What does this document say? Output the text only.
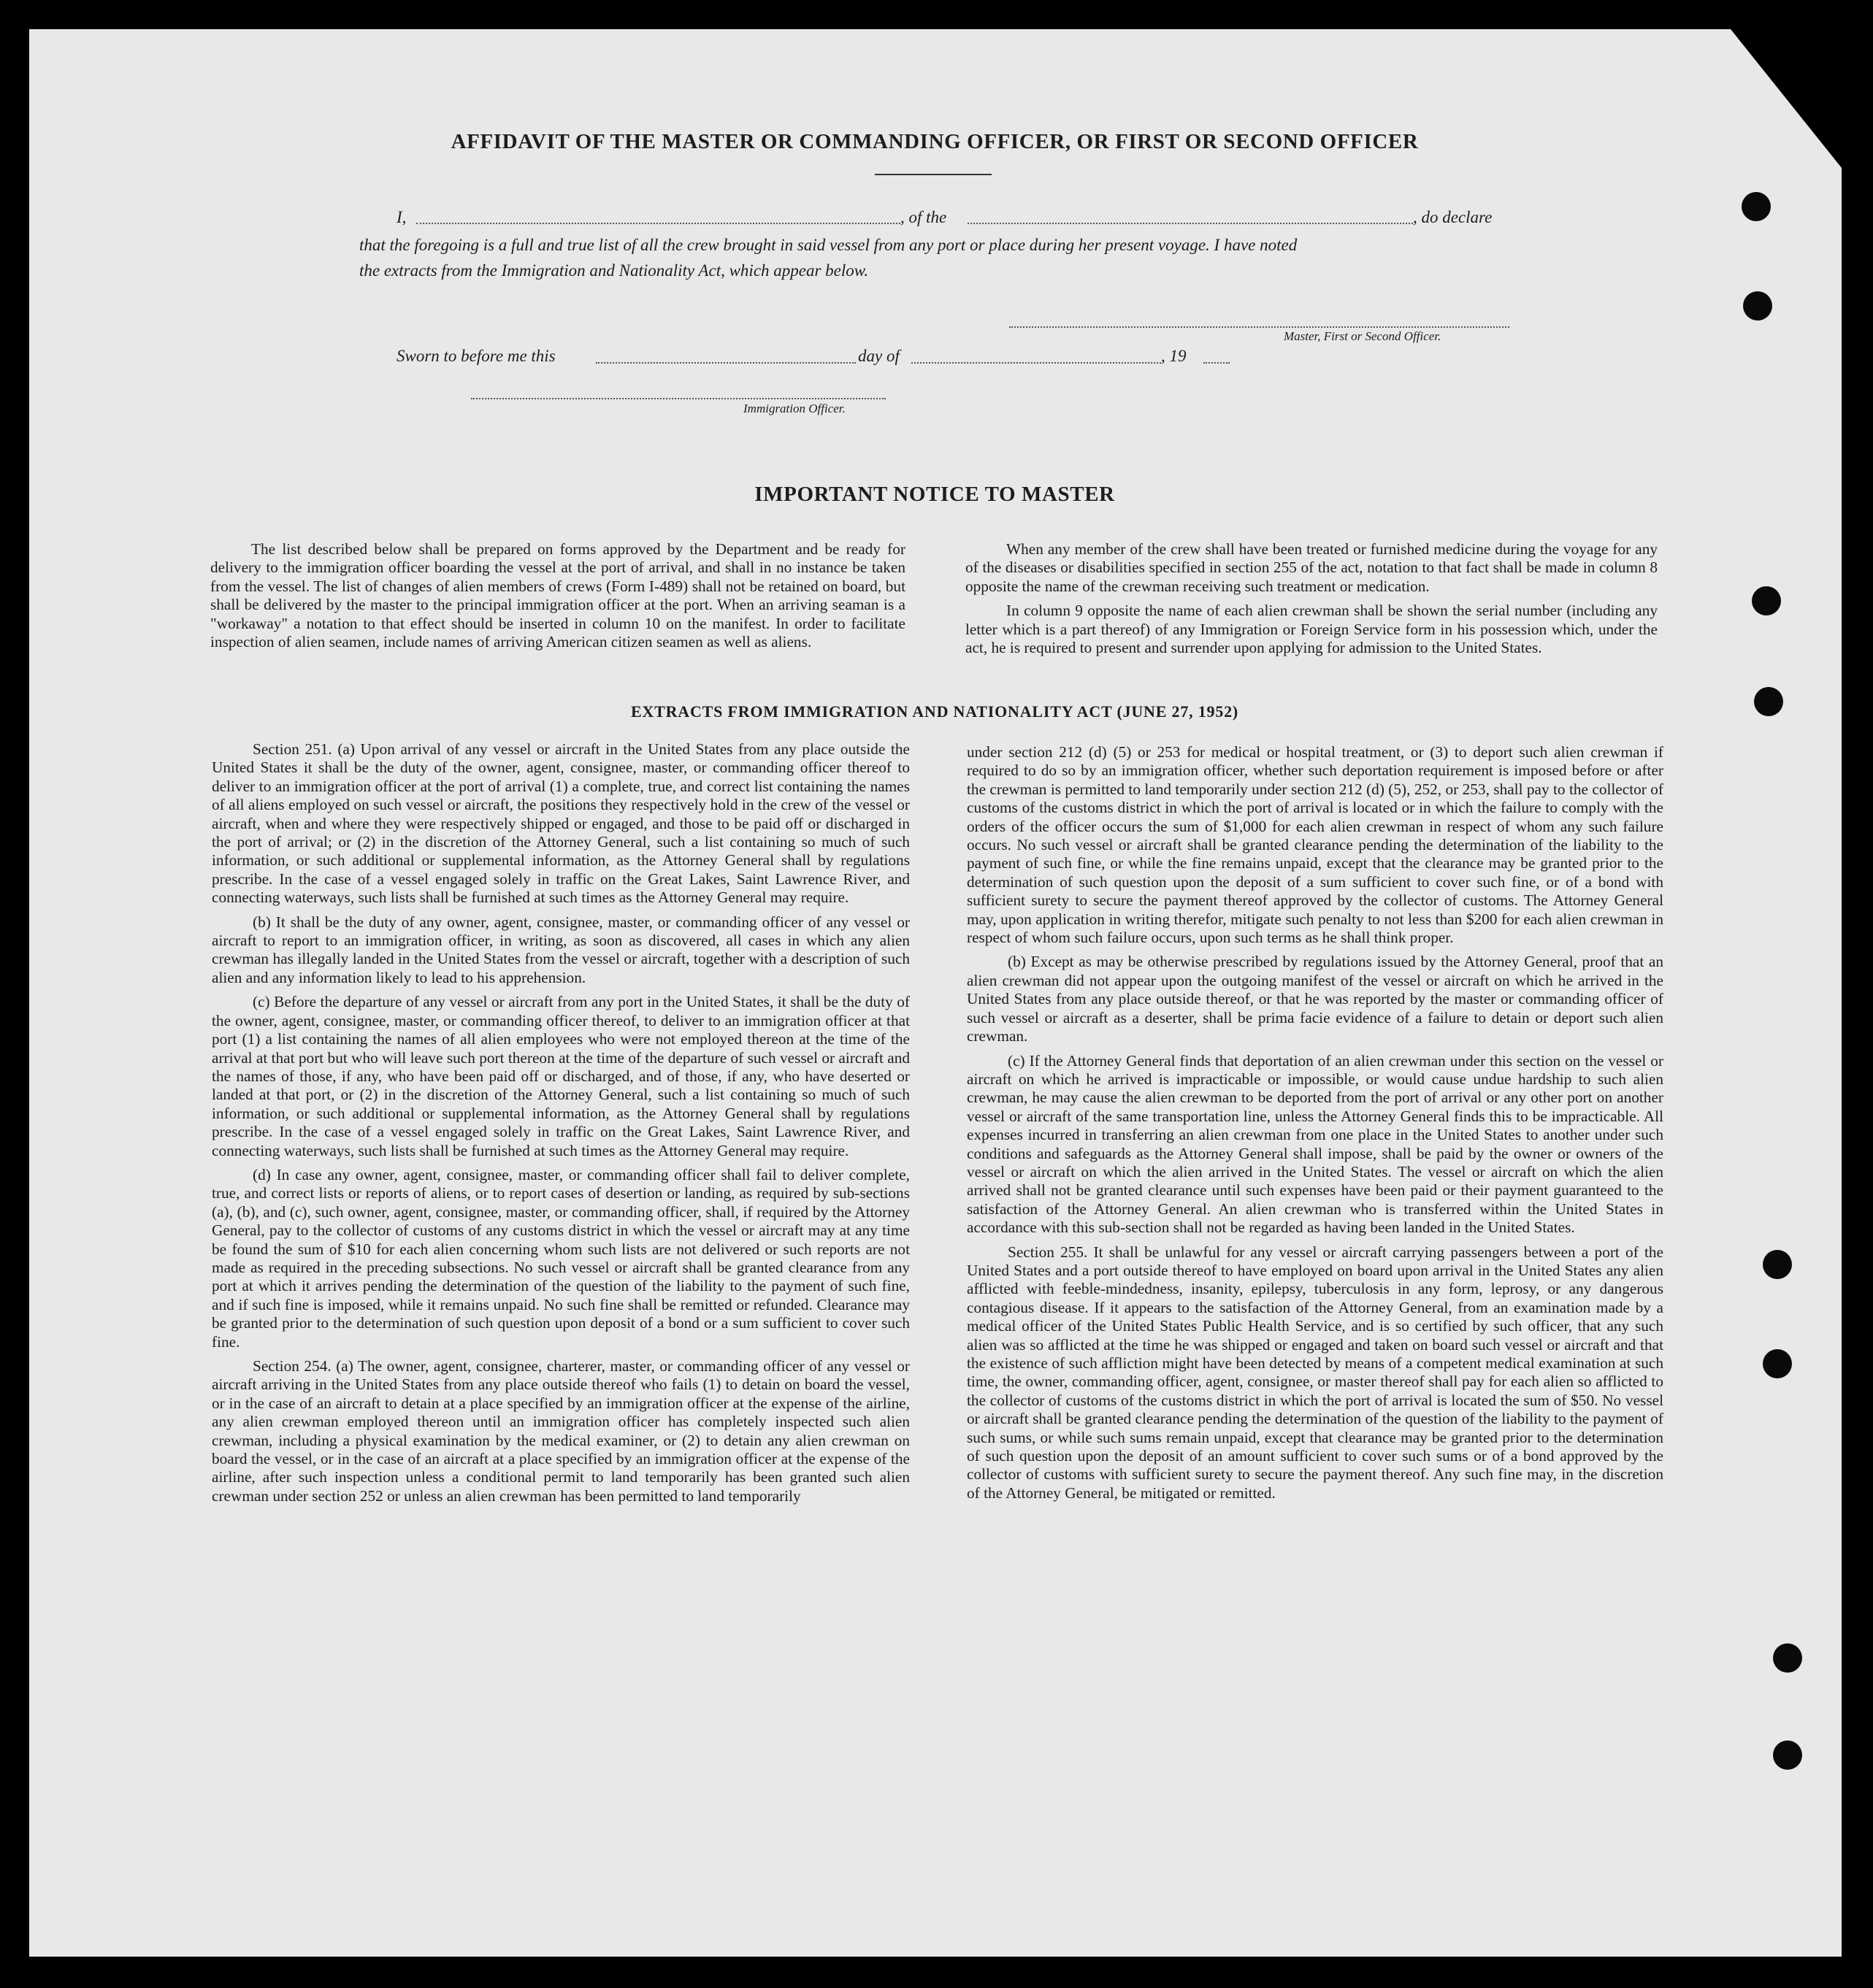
AFFIDAVIT OF THE MASTER OR COMMANDING OFFICER, OR FIRST OR SECOND OFFICER
I,	, of the	, do declare
that the foregoing is a full and true list of all the crew brought in said vessel from any port or place during her present voyage. I have noted
the extracts from the Immigration and Nationality Act, which appear below.
Master, First or Second Officer.
Sworn to before me this	day of	, 19
Immigration Officer.
IMPORTANT NOTICE TO MASTER

The list described below shall be prepared on forms approved by the Department and be ready for delivery to the immigration officer boarding the vessel at the port of arrival, and shall in no instance be taken from the vessel. The list of changes of alien members of crews (Form I-489) shall not be retained on board, but shall be delivered by the master to the principal immigration officer at the port. When an arriving seaman is a "workaway" a notation to that effect should be inserted in column 10 on the manifest. In order to facilitate inspection of alien seamen, include names of arriving American citizen seamen as well as aliens.

When any member of the crew shall have been treated or furnished medicine during the voyage for any of the diseases or disabilities specified in section 255 of the act, notation to that fact shall be made in column 8 opposite the name of the crewman receiving such treatment or medication.

In column 9 opposite the name of each alien crewman shall be shown the serial number (including any letter which is a part thereof) of any Immigration or Foreign Service form in his possession which, under the act, he is required to present and surrender upon applying for admission to the United States.

EXTRACTS FROM IMMIGRATION AND NATIONALITY ACT (JUNE 27, 1952)

Section 251. (a) Upon arrival of any vessel or aircraft in the United States from any place outside the United States it shall be the duty of the owner, agent, consignee, master, or commanding officer thereof to deliver to an immigration officer at the port of arrival (1) a complete, true, and correct list containing the names of all aliens employed on such vessel or aircraft, the positions they respectively hold in the crew of the vessel or aircraft, when and where they were respectively shipped or engaged, and those to be paid off or discharged in the port of arrival; or (2) in the discretion of the Attorney General, such a list containing so much of such information, or such additional or supplemental information, as the Attorney General shall by regulations prescribe. In the case of a vessel engaged solely in traffic on the Great Lakes, Saint Lawrence River, and connecting waterways, such lists shall be furnished at such times as the Attorney General may require.

(b) It shall be the duty of any owner, agent, consignee, master, or commanding officer of any vessel or aircraft to report to an immigration officer, in writing, as soon as discovered, all cases in which any alien crewman has illegally landed in the United States from the vessel or aircraft, together with a description of such alien and any information likely to lead to his apprehension.

(c) Before the departure of any vessel or aircraft from any port in the United States, it shall be the duty of the owner, agent, consignee, master, or commanding officer thereof, to deliver to an immigration officer at that port (1) a list containing the names of all alien employees who were not employed thereon at the time of the arrival at that port but who will leave such port thereon at the time of the departure of such vessel or aircraft and the names of those, if any, who have been paid off or discharged, and of those, if any, who have deserted or landed at that port, or (2) in the discretion of the Attorney General, such a list containing so much of such information, or such additional or supplemental information, as the Attorney General shall by regulations prescribe. In the case of a vessel engaged solely in traffic on the Great Lakes, Saint Lawrence River, and connecting waterways, such lists shall be furnished at such times as the Attorney General may require.

(d) In case any owner, agent, consignee, master, or commanding officer shall fail to deliver complete, true, and correct lists or reports of aliens, or to report cases of desertion or landing, as required by sub-sections (a), (b), and (c), such owner, agent, consignee, master, or commanding officer, shall, if required by the Attorney General, pay to the collector of customs of any customs district in which the vessel or aircraft may at any time be found the sum of $10 for each alien concerning whom such lists are not delivered or such reports are not made as required in the preceding subsections. No such vessel or aircraft shall be granted clearance from any port at which it arrives pending the determination of the question of the liability to the payment of such fine, and if such fine is imposed, while it remains unpaid. No such fine shall be remitted or refunded. Clearance may be granted prior to the determination of such question upon deposit of a bond or a sum sufficient to cover such fine.

Section 254. (a) The owner, agent, consignee, charterer, master, or commanding officer of any vessel or aircraft arriving in the United States from any place outside thereof who fails (1) to detain on board the vessel, or in the case of an aircraft to detain at a place specified by an immigration officer at the expense of the airline, any alien crewman employed thereon until an immigration officer has completely inspected such alien crewman, including a physical examination by the medical examiner, or (2) to detain any alien crewman on board the vessel, or in the case of an aircraft at a place specified by an immigration officer at the expense of the airline, after such inspection unless a conditional permit to land temporarily has been granted such alien crewman under section 252 or unless an alien crewman has been permitted to land temporarily

under section 212 (d) (5) or 253 for medical or hospital treatment, or (3) to deport such alien crewman if required to do so by an immigration officer, whether such deportation requirement is imposed before or after the crewman is permitted to land temporarily under section 212 (d) (5), 252, or 253, shall pay to the collector of customs of the customs district in which the port of arrival is located or in which the failure to comply with the orders of the officer occurs the sum of $1,000 for each alien crewman in respect of whom any such failure occurs. No such vessel or aircraft shall be granted clearance pending the determination of the liability to the payment of such fine, or while the fine remains unpaid, except that the clearance may be granted prior to the determination of such question upon the deposit of a sum sufficient to cover such fine, or of a bond with sufficient surety to secure the payment thereof approved by the collector of customs. The Attorney General may, upon application in writing therefor, mitigate such penalty to not less than $200 for each alien crewman in respect of whom such failure occurs, upon such terms as he shall think proper.

(b) Except as may be otherwise prescribed by regulations issued by the Attorney General, proof that an alien crewman did not appear upon the outgoing manifest of the vessel or aircraft on which he arrived in the United States from any place outside thereof, or that he was reported by the master or commanding officer of such vessel or aircraft as a deserter, shall be prima facie evidence of a failure to detain or deport such alien crewman.

(c) If the Attorney General finds that deportation of an alien crewman under this section on the vessel or aircraft on which he arrived is impracticable or impossible, or would cause undue hardship to such alien crewman, he may cause the alien crewman to be deported from the port of arrival or any other port on another vessel or aircraft of the same transportation line, unless the Attorney General finds this to be impracticable. All expenses incurred in transferring an alien crewman from one place in the United States to another under such conditions and safeguards as the Attorney General shall impose, shall be paid by the owner or owners of the vessel or aircraft on which the alien arrived in the United States. The vessel or aircraft on which the alien arrived shall not be granted clearance until such expenses have been paid or their payment guaranteed to the satisfaction of the Attorney General. An alien crewman who is transferred within the United States in accordance with this sub-section shall not be regarded as having been landed in the United States.

Section 255. It shall be unlawful for any vessel or aircraft carrying passengers between a port of the United States and a port outside thereof to have employed on board upon arrival in the United States any alien afflicted with feeble-mindedness, insanity, epilepsy, tuberculosis in any form, leprosy, or any dangerous contagious disease. If it appears to the satisfaction of the Attorney General, from an examination made by a medical officer of the United States Public Health Service, and is so certified by such officer, that any such alien was so afflicted at the time he was shipped or engaged and taken on board such vessel or aircraft and that the existence of such affliction might have been detected by means of a competent medical examination at such time, the owner, commanding officer, agent, consignee, or master thereof shall pay for each alien so afflicted to the collector of customs of the customs district in which the port of arrival is located the sum of $50. No vessel or aircraft shall be granted clearance pending the determination of the question of the liability to the payment of such sums, or while such sums remain unpaid, except that clearance may be granted prior to the determination of such question upon the deposit of an amount sufficient to cover such sums or of a bond approved by the collector of customs with sufficient surety to secure the payment thereof. Any such fine may, in the discretion of the Attorney General, be mitigated or remitted.
